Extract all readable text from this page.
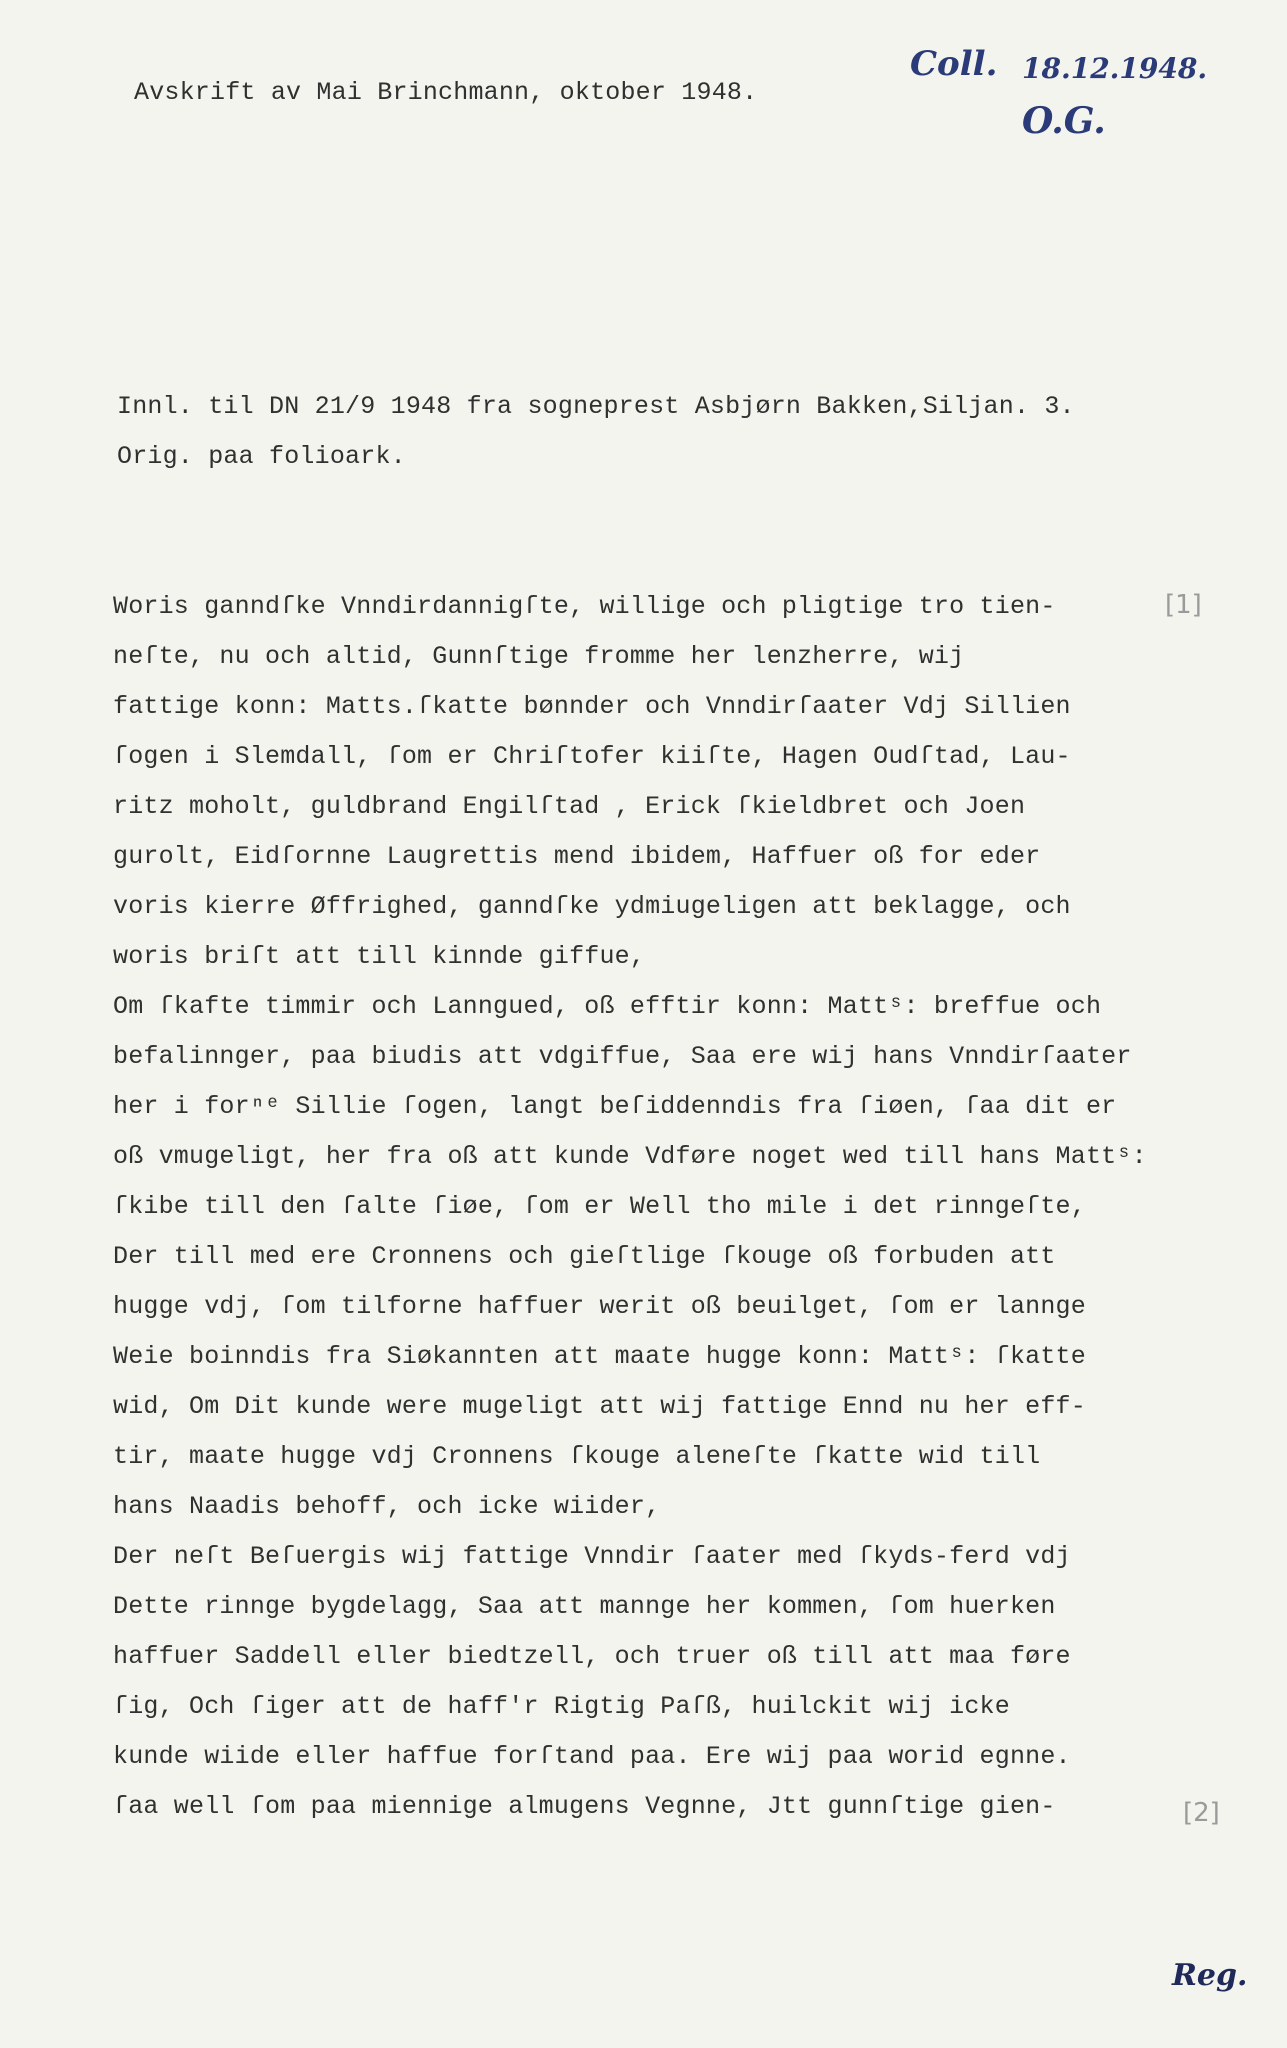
Avskrift av Mai Brinchmann, oktober 1948.
Coll. 18.12.1948.
O.G.
Innl. til DN 21/9 1948 fra sogneprest Asbjørn Bakken,Siljan. 3.
Orig. paa folioark.
[1]
Woris ganndſke Vnndirdannigſte, willige och pligtige tro tien-
neſte, nu och altid, Gunnſtige fromme her lenzherre, wij
fattige konn: Matts.ſkatte bønnder och Vnndirſaater Vdj Sillien
ſogen i Slemdall, ſom er Chriſtofer kiiſte, Hagen Oudſtad, Lau-
ritz moholt, guldbrand Engilſtad , Erick ſkieldbret och Joen
gurolt, Eidſornne Laugrettis mend ibidem, Haffuer oß for eder
voris kierre Øffrighed, ganndſke ydmiugeligen att beklagge, och
woris briſt att till kinnde giffue,
Om ſkafte timmir och Lanngued, oß efftir konn: Mattˢ: breffue och
befalinnger, paa biudis att vdgiffue, Saa ere wij hans Vnndirſaater
her i forⁿᵉ Sillie ſogen, langt beſiddenndis fra ſiøen, ſaa dit er
oß vmugeligt, her fra oß att kunde Vdføre noget wed till hans Mattˢ:
ſkibe till den ſalte ſiøe, ſom er Well tho mile i det rinngeſte,
Der till med ere Cronnens och gieſtlige ſkouge oß forbuden att
hugge vdj, ſom tilforne haffuer werit oß beuilget, ſom er lannge
Weie boinndis fra Siøkannten att maate hugge konn: Mattˢ: ſkatte
wid, Om Dit kunde were mugeligt att wij fattige Ennd nu her eff-
tir, maate hugge vdj Cronnens ſkouge aleneſte ſkatte wid till
hans Naadis behoff, och icke wiider,
Der neſt Beſuergis wij fattige Vnndir ſaater med ſkyds-ferd vdj
Dette rinnge bygdelagg, Saa att mannge her kommen, ſom huerken
haffuer Saddell eller biedtzell, och truer oß till att maa føre
ſig, Och ſiger att de haff'r Rigtig Paſß, huilckit wij icke
kunde wiide eller haffue forſtand paa. Ere wij paa worid egnne.
ſaa well ſom paa miennige almugens Vegnne, Jtt gunnſtige gien-	[2]
Reg.
